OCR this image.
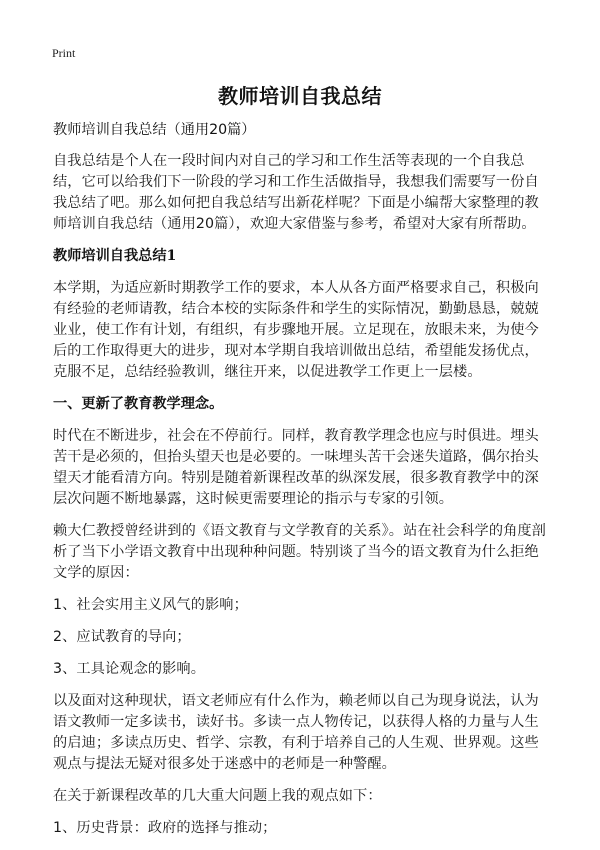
Print
教师培训自我总结

教师培训自我总结（通用20篇）

自我总结是个人在一段时间内对自己的学习和工作生活等表现的一个自我总结，它可以给我们下一阶段的学习和工作生活做指导，我想我们需要写一份自我总结了吧。那么如何把自我总结写出新花样呢？下面是小编帮大家整理的教师培训自我总结（通用20篇），欢迎大家借鉴与参考，希望对大家有所帮助。

教师培训自我总结1

本学期，为适应新时期教学工作的要求，本人从各方面严格要求自己，积极向有经验的老师请教，结合本校的实际条件和学生的实际情况，勤勤恳恳，兢兢业业，使工作有计划，有组织，有步骤地开展。立足现在，放眼未来，为使今后的工作取得更大的进步，现对本学期自我培训做出总结，希望能发扬优点，克服不足，总结经验教训，继往开来，以促进教学工作更上一层楼。

一、更新了教育教学理念。

时代在不断进步，社会在不停前行。同样，教育教学理念也应与时俱进。埋头苦干是必须的，但抬头望天也是必要的。一味埋头苦干会迷失道路，偶尔抬头望天才能看清方向。特别是随着新课程改革的纵深发展，很多教育教学中的深层次问题不断地暴露，这时候更需要理论的指示与专家的引领。

赖大仁教授曾经讲到的《语文教育与文学教育的关系》。站在社会科学的角度剖析了当下小学语文教育中出现种种问题。特别谈了当今的语文教育为什么拒绝文学的原因：

1、社会实用主义风气的影响；

2、应试教育的导向；

3、工具论观念的影响。

以及面对这种现状，语文老师应有什么作为，赖老师以自己为现身说法，认为语文教师一定多读书，读好书。多读一点人物传记，以获得人格的力量与人生的启迪；多读点历史、哲学、宗教，有利于培养自己的人生观、世界观。这些观点与提法无疑对很多处于迷惑中的老师是一种警醒。

在关于新课程改革的几大重大问题上我的观点如下：

1、历史背景：政府的选择与推动；
